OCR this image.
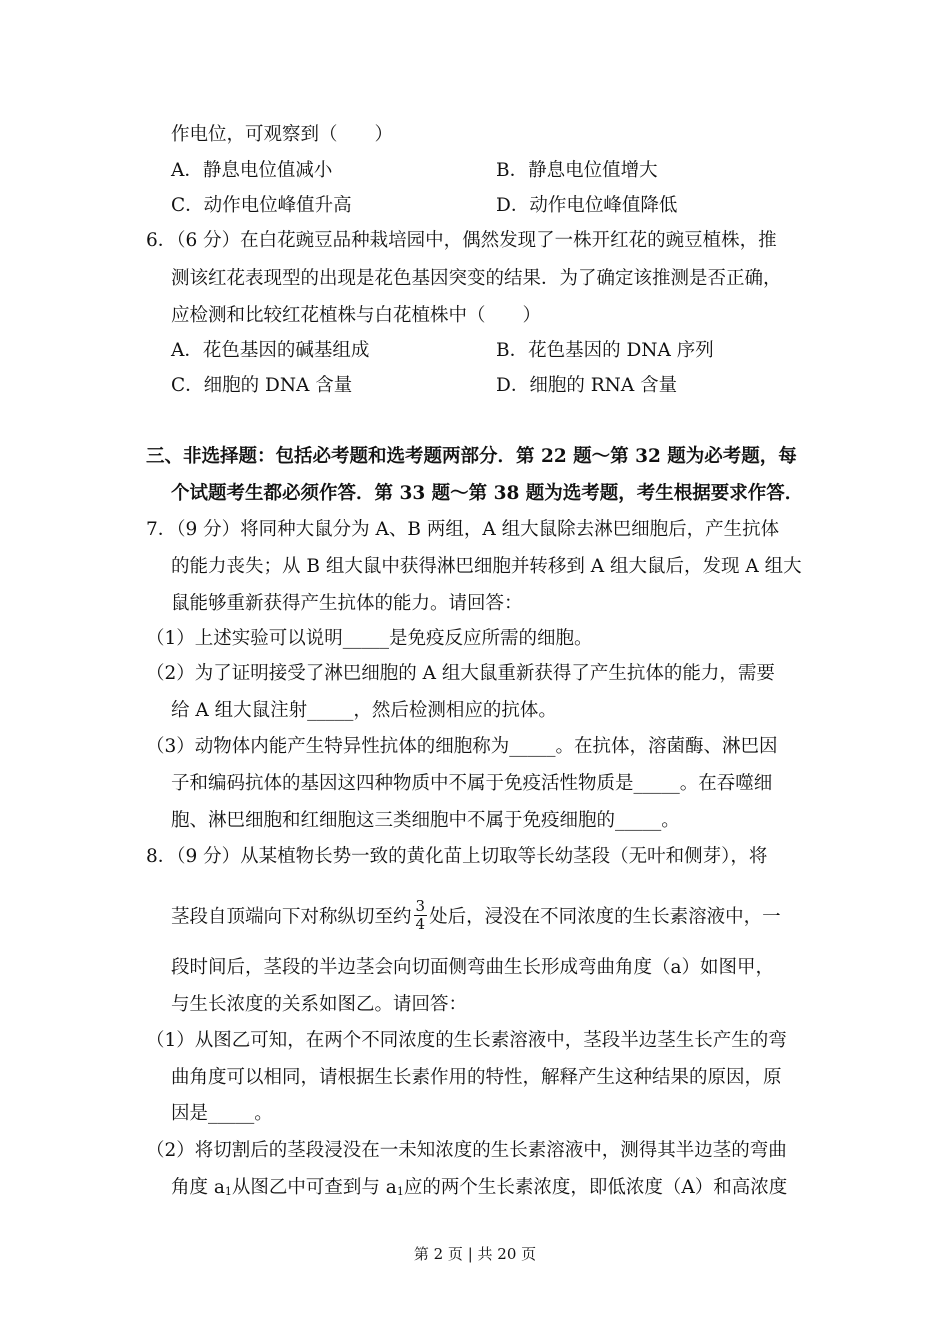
作电位，可观察到（　　）
A．静息电位值减小	B．静息电位值增大
C．动作电位峰值升高	D．动作电位峰值降低
6．（6 分）在白花豌豆品种栽培园中，偶然发现了一株开红花的豌豆植株，推
测该红花表现型的出现是花色基因突变的结果．为了确定该推测是否正确，
应检测和比较红花植株与白花植株中（　　）
A．花色基因的碱基组成	B．花色基因的 DNA 序列
C．细胞的 DNA 含量	D．细胞的 RNA 含量
三、非选择题：包括必考题和选考题两部分．第 22 题～第 32 题为必考题，每
个试题考生都必须作答．第 33 题～第 38 题为选考题，考生根据要求作答．
7．（9 分）将同种大鼠分为 A、B 两组，A 组大鼠除去淋巴细胞后，产生抗体
的能力丧失；从 B 组大鼠中获得淋巴细胞并转移到 A 组大鼠后，发现 A 组大
鼠能够重新获得产生抗体的能力。请回答：
（1）上述实验可以说明_____是免疫反应所需的细胞。
（2）为了证明接受了淋巴细胞的 A 组大鼠重新获得了产生抗体的能力，需要
给 A 组大鼠注射_____，然后检测相应的抗体。
（3）动物体内能产生特异性抗体的细胞称为_____。在抗体，溶菌酶、淋巴因
子和编码抗体的基因这四种物质中不属于免疫活性物质是_____。在吞噬细
胞、淋巴细胞和红细胞这三类细胞中不属于免疫细胞的_____。
8．（9 分）从某植物长势一致的黄化苗上切取等长幼茎段（无叶和侧芽），将
茎段自顶端向下对称纵切至约 $\frac{3}{4}$ 处后，浸没在不同浓度的生长素溶液中，一
段时间后，茎段的半边茎会向切面侧弯曲生长形成弯曲角度（a）如图甲，
与生长浓度的关系如图乙。请回答：
（1）从图乙可知，在两个不同浓度的生长素溶液中，茎段半边茎生长产生的弯
曲角度可以相同，请根据生长素作用的特性，解释产生这种结果的原因，原
因是_____。
（2）将切割后的茎段浸没在一未知浓度的生长素溶液中，测得其半边茎的弯曲
角度 $a_1$从图乙中可查到与 $a_1$应的两个生长素浓度，即低浓度（A）和高浓度
第 2 页 | 共 20 页
